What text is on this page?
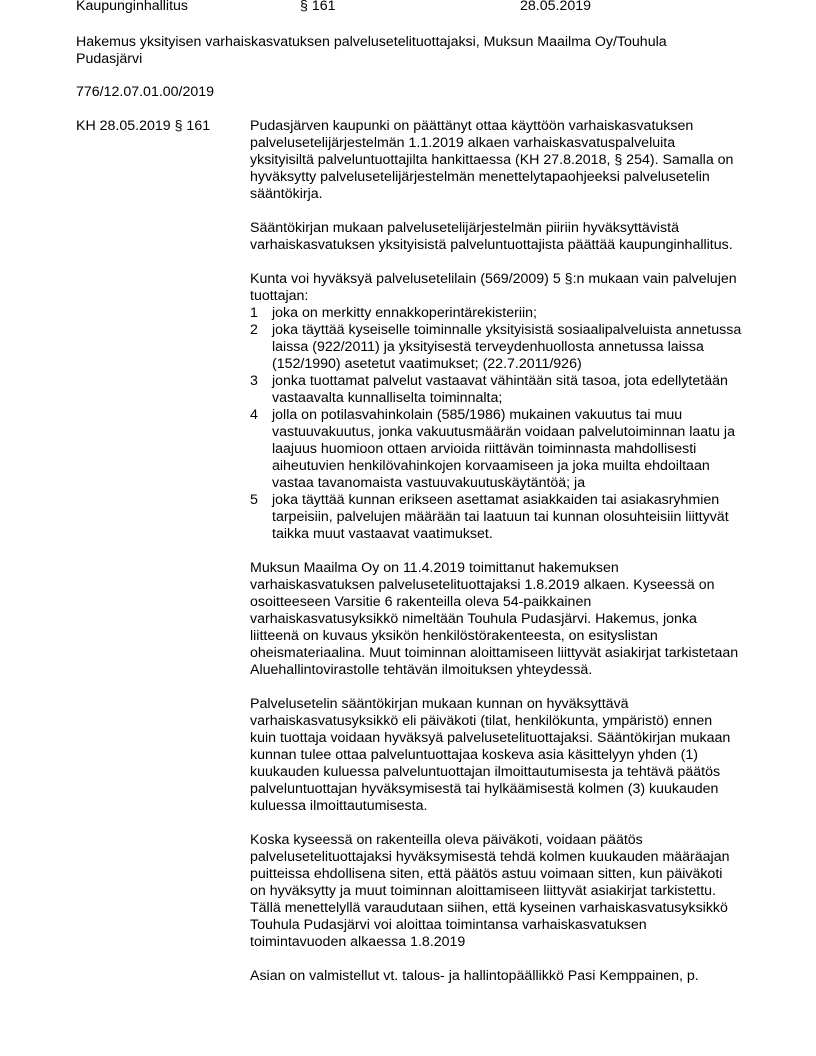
Kaupunginhallitus	§ 161	28.05.2019
Hakemus yksityisen varhaiskasvatuksen palvelusetelituottajaksi, Muksun Maailma Oy/Touhula Pudasjärvi
776/12.07.01.00/2019
KH 28.05.2019 § 161	Pudasjärven kaupunki on päättänyt ottaa käyttöön varhaiskasvatuksen palvelusetelijärjestelmän 1.1.2019 alkaen varhaiskasvatuspalveluita yksityisiltä palveluntuottajilta hankittaessa (KH 27.8.2018, § 254). Samalla on hyväksytty palvelusetelijärjestelmän menettelytapaohjeeksi palvelusetelin sääntökirja.

Sääntökirjan mukaan palvelusetelijärjestelmän piiriin hyväksyttävistä varhaiskasvatuksen yksityisistä palveluntuottajista päättää kaupunginhallitus.

Kunta voi hyväksyä palvelusetelilain (569/2009) 5 §:n mukaan vain palvelujen tuottajan:

1 joka on merkitty ennakkoperintärekisteriin;
2 joka täyttää kyseiselle toiminnalle yksityisistä sosiaalipalveluista annetussa laissa (922/2011) ja yksityisestä terveydenhuollosta annetussa laissa (152/1990) asetetut vaatimukset; (22.7.2011/926)
3 jonka tuottamat palvelut vastaavat vähintään sitä tasoa, jota edellytetään vastaavalta kunnalliselta toiminnalta;
4 jolla on potilasvahinkolain (585/1986) mukainen vakuutus tai muu vastuuvakuutus, jonka vakuutusmäärän voidaan palvelutoiminnan laatu ja laajuus huomioon ottaen arvioida riittävän toiminnasta mahdollisesti aiheutuvien henkilövahinkojen korvaamiseen ja joka muilta ehdoiltaan vastaa tavanomaista vastuuvakuutuskäytäntöä; ja
5 joka täyttää kunnan erikseen asettamat asiakkaiden tai asiakasryhmien tarpeisiin, palvelujen määrään tai laatuun tai kunnan olosuhteisiin liittyvät taikka muut vastaavat vaatimukset.

Muksun Maailma Oy on 11.4.2019 toimittanut hakemuksen varhaiskasvatuksen palvelusetelituottajaksi 1.8.2019 alkaen. Kyseessä on osoitteeseen Varsitie 6 rakenteilla oleva 54-paikkainen varhaiskasvatusyksikkö nimeltään Touhula Pudasjärvi. Hakemus, jonka liitteenä on kuvaus yksikön henkilöstörakenteesta, on esityslistan oheismateriaalina. Muut toiminnan aloittamiseen liittyvät asiakirjat tarkistetaan Aluehallintovirastolle tehtävän ilmoituksen yhteydessä.

Palvelusetelin sääntökirjan mukaan kunnan on hyväksyttävä varhaiskasvatusyksikkö eli päiväkoti (tilat, henkilökunta, ympäristö) ennen kuin tuottaja voidaan hyväksyä palvelusetelituottajaksi. Sääntökirjan mukaan kunnan tulee ottaa palveluntuottajaa koskeva asia käsittelyyn yhden (1) kuukauden kuluessa palveluntuottajan ilmoittautumisesta ja tehtävä päätös palveluntuottajan hyväksymisestä tai hylkäämisestä kolmen (3) kuukauden kuluessa ilmoittautumisesta.

Koska kyseessä on rakenteilla oleva päiväkoti, voidaan päätös palvelusetelituottajaksi hyväksymisestä tehdä kolmen kuukauden määräajan puitteissa ehdollisena siten, että päätös astuu voimaan sitten, kun päiväkoti on hyväksytty ja muut toiminnan aloittamiseen liittyvät asiakirjat tarkistettu. Tällä menettelyllä varaudutaan siihen, että kyseinen varhaiskasvatusyksikkö Touhula Pudasjärvi voi aloittaa toimintansa varhaiskasvatuksen toimintavuoden alkaessa 1.8.2019

Asian on valmistellut vt. talous- ja hallintopäällikkö Pasi Kemppainen, p.
